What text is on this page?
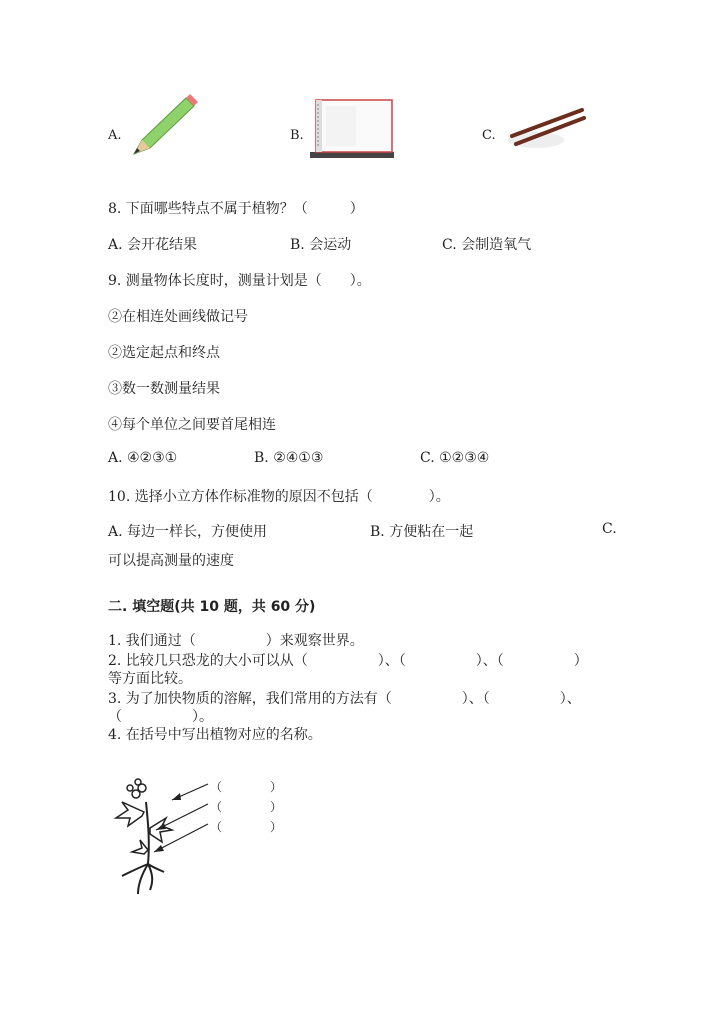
A.	B.	C.
8. 下面哪些特点不属于植物？（　　　）
A. 会开花结果	B. 会运动	C. 会制造氧气
9. 测量物体长度时，测量计划是（　　）。
②在相连处画线做记号
②选定起点和终点
③数一数测量结果
④每个单位之间要首尾相连
A. ④②③①	B. ②④①③	C. ①②③④
10. 选择小立方体作标准物的原因不包括（　　　　）。
A. 每边一样长，方便使用	B. 方便粘在一起	C.
可以提高测量的速度
二. 填空题(共 10 题，共 60 分)
1. 我们通过（　　　　　）来观察世界。
2. 比较几只恐龙的大小可以从（　　　　　）、（　　　　　）、（　　　　　）
等方面比较。
3. 为了加快物质的溶解，我们常用的方法有（　　　　　）、（　　　　　）、
（　　　　　）。
4. 在括号中写出植物对应的名称。
（　　　　）
（　　　　）
（　　　　）
